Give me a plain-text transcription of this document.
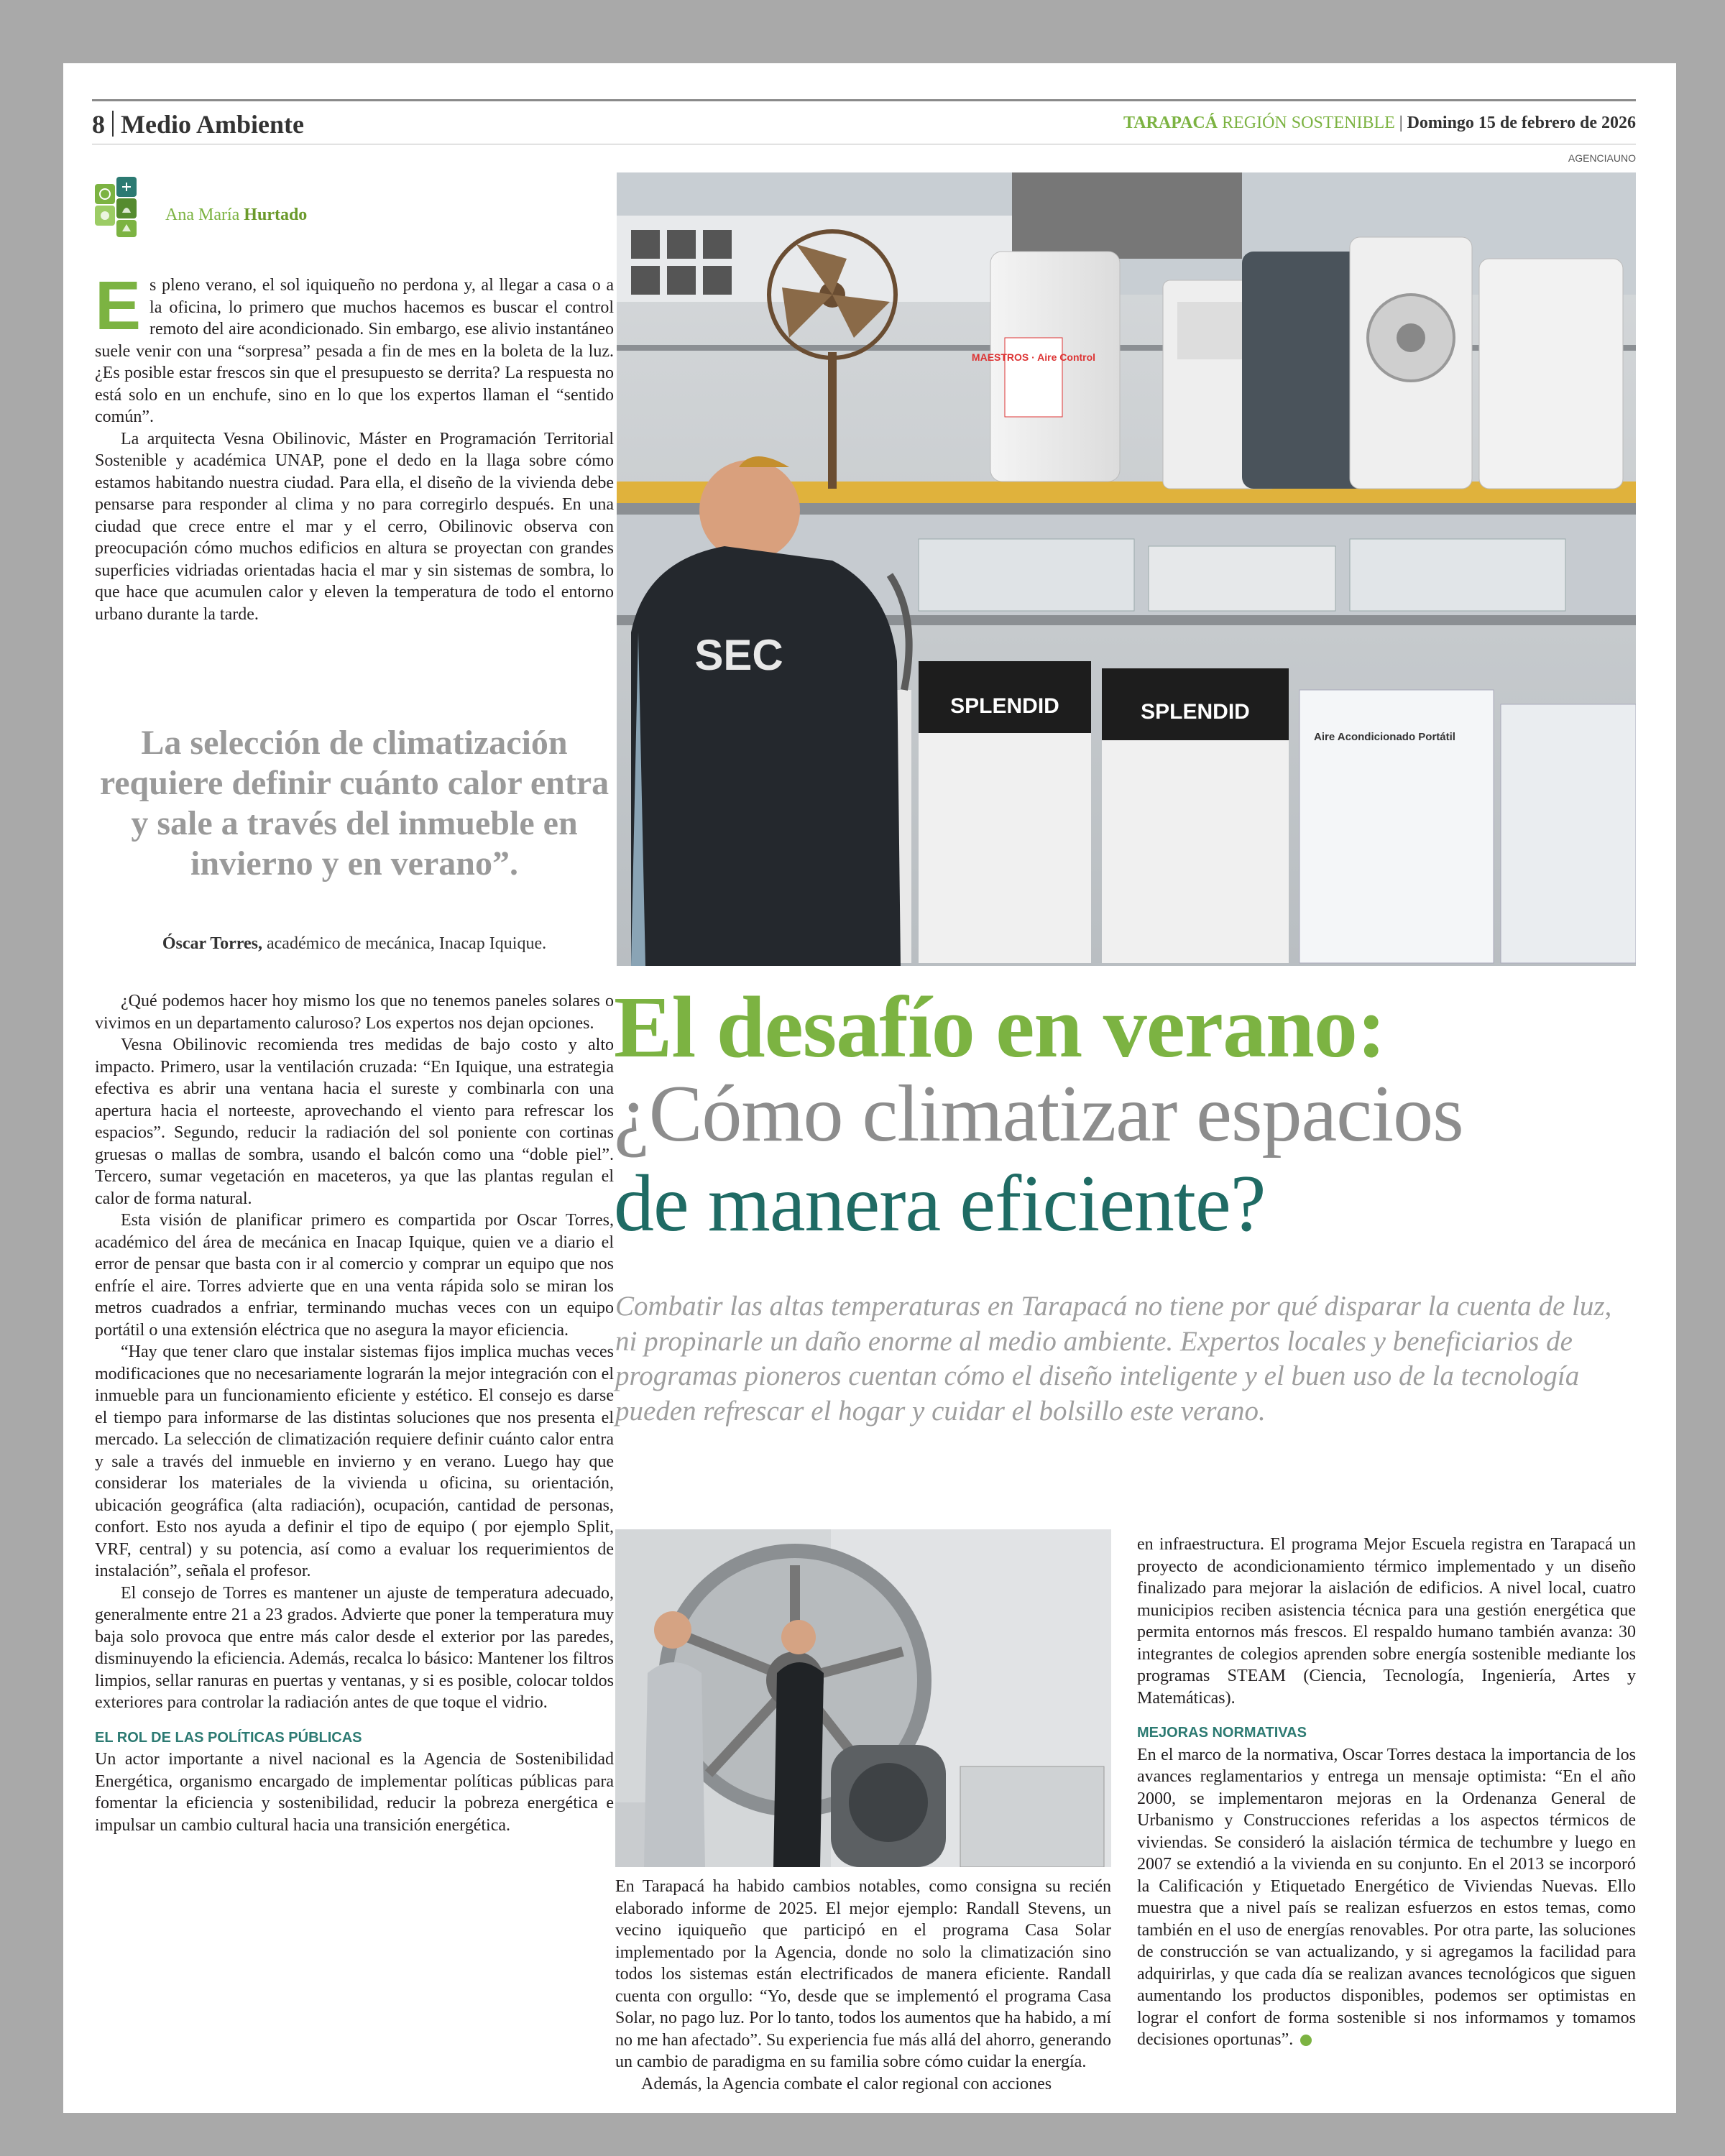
8 Medio Ambiente	TARAPACÁ REGIÓN SOSTENIBLE | Domingo 15 de febrero de 2026
AGENCIAUNO
Ana María Hurtado

Es pleno verano, el sol iquiqueño no perdona y, al llegar a casa o a la oficina, lo primero que muchos hacemos es buscar el control remoto del aire acondicionado. Sin embargo, ese alivio instantáneo suele venir con una “sorpresa” pesada a fin de mes en la boleta de la luz. ¿Es posible estar frescos sin que el presupuesto se derrita? La respuesta no está solo en un enchufe, sino en lo que los expertos llaman el “sentido común”.

La arquitecta Vesna Obilinovic, Máster en Programación Territorial Sostenible y académica UNAP, pone el dedo en la llaga sobre cómo estamos habitando nuestra ciudad. Para ella, el diseño de la vivienda debe pensarse para responder al clima y no para corregirlo después. En una ciudad que crece entre el mar y el cerro, Obilinovic observa con preocupación cómo muchos edificios en altura se proyectan con grandes superficies vidriadas orientadas hacia el mar y sin sistemas de sombra, lo que hace que acumulen calor y eleven la temperatura de todo el entorno urbano durante la tarde.

La selección de climatización requiere definir cuánto calor entra y sale a través del inmueble en invierno y en verano”.
Óscar Torres, académico de mecánica, Inacap Iquique.

¿Qué podemos hacer hoy mismo los que no tenemos paneles solares o vivimos en un departamento caluroso? Los expertos nos dejan opciones.

Vesna Obilinovic recomienda tres medidas de bajo costo y alto impacto. Primero, usar la ventilación cruzada: “En Iquique, una estrategia efectiva es abrir una ventana hacia el sureste y combinarla con una apertura hacia el norteeste, aprovechando el viento para refrescar los espacios”. Segundo, reducir la radiación del sol poniente con cortinas gruesas o mallas de sombra, usando el balcón como una “doble piel”. Tercero, sumar vegetación en maceteros, ya que las plantas regulan el calor de forma natural.

Esta visión de planificar primero es compartida por Oscar Torres, académico del área de mecánica en Inacap Iquique, quien ve a diario el error de pensar que basta con ir al comercio y comprar un equipo que nos enfríe el aire. Torres advierte que en una venta rápida solo se miran los metros cuadrados a enfriar, terminando muchas veces con un equipo portátil o una extensión eléctrica que no asegura la mayor eficiencia.

“Hay que tener claro que instalar sistemas fijos implica muchas veces modificaciones que no necesariamente lograrán la mejor integración con el inmueble para un funcionamiento eficiente y estético. El consejo es darse el tiempo para informarse de las distintas soluciones que nos presenta el mercado. La selección de climatización requiere definir cuánto calor entra y sale a través del inmueble en invierno y en verano. Luego hay que considerar los materiales de la vivienda u oficina, su orientación, ubicación geográfica (alta radiación), ocupación, cantidad de personas, confort. Esto nos ayuda a definir el tipo de equipo ( por ejemplo Split, VRF, central) y su potencia, así como a evaluar los requerimientos de instalación”, señala el profesor.

El consejo de Torres es mantener un ajuste de temperatura adecuado, generalmente entre 21 a 23 grados. Advierte que poner la temperatura muy baja solo provoca que entre más calor desde el exterior por las paredes, disminuyendo la eficiencia. Además, recalca lo básico: Mantener los filtros limpios, sellar ranuras en puertas y ventanas, y si es posible, colocar toldos exteriores para controlar la radiación antes de que toque el vidrio.

EL ROL DE LAS POLÍTICAS PÚBLICAS

Un actor importante a nivel nacional es la Agencia de Sostenibilidad Energética, organismo encargado de implementar políticas públicas para fomentar la eficiencia y sostenibilidad, reducir la pobreza energética e impulsar un cambio cultural hacia una transición energética.

MAESTROS · Aire Control
SPLENDID	SPLENDID
Aire Acondicionado Portátil
SEC
El desafío en verano:
¿Cómo climatizar espacios
de manera eficiente?
Combatir las altas temperaturas en Tarapacá no tiene por qué disparar la cuenta de luz, ni propinarle un daño enorme al medio ambiente. Expertos locales y beneficiarios de programas pioneros cuentan cómo el diseño inteligente y el buen uso de la tecnología pueden refrescar el hogar y cuidar el bolsillo este verano.

En Tarapacá ha habido cambios notables, como consigna su recién elaborado informe de 2025. El mejor ejemplo: Randall Stevens, un vecino iquiqueño que participó en el programa Casa Solar implementado por la Agencia, donde no solo la climatización sino todos los sistemas están electrificados de manera eficiente. Randall cuenta con orgullo: “Yo, desde que se implementó el programa Casa Solar, no pago luz. Por lo tanto, todos los aumentos que ha habido, a mí no me han afectado”. Su experiencia fue más allá del ahorro, generando un cambio de paradigma en su familia sobre cómo cuidar la energía.

Además, la Agencia combate el calor regional con acciones

en infraestructura. El programa Mejor Escuela registra en Tarapacá un proyecto de acondicionamiento térmico implementado y un diseño finalizado para mejorar la aislación de edificios. A nivel local, cuatro municipios reciben asistencia técnica para una gestión energética que permita entornos más frescos. El respaldo humano también avanza: 30 integrantes de colegios aprenden sobre energía sostenible mediante los programas STEAM (Ciencia, Tecnología, Ingeniería, Artes y Matemáticas).

MEJORAS NORMATIVAS

En el marco de la normativa, Oscar Torres destaca la importancia de los avances reglamentarios y entrega un mensaje optimista: “En el año 2000, se implementaron mejoras en la Ordenanza General de Urbanismo y Construcciones referidas a los aspectos térmicos de viviendas. Se consideró la aislación térmica de techumbre y luego en 2007 se extendió a la vivienda en su conjunto. En el 2013 se incorporó la Calificación y Etiquetado Energético de Viviendas Nuevas. Ello muestra que a nivel país se realizan esfuerzos en estos temas, como también en el uso de energías renovables. Por otra parte, las soluciones de construcción se van actualizando, y si agregamos la facilidad para adquirirlas, y que cada día se realizan avances tecnológicos que siguen aumentando los productos disponibles, podemos ser optimistas en lograr el confort de forma sostenible si nos informamos y tomamos decisiones oportunas”.
